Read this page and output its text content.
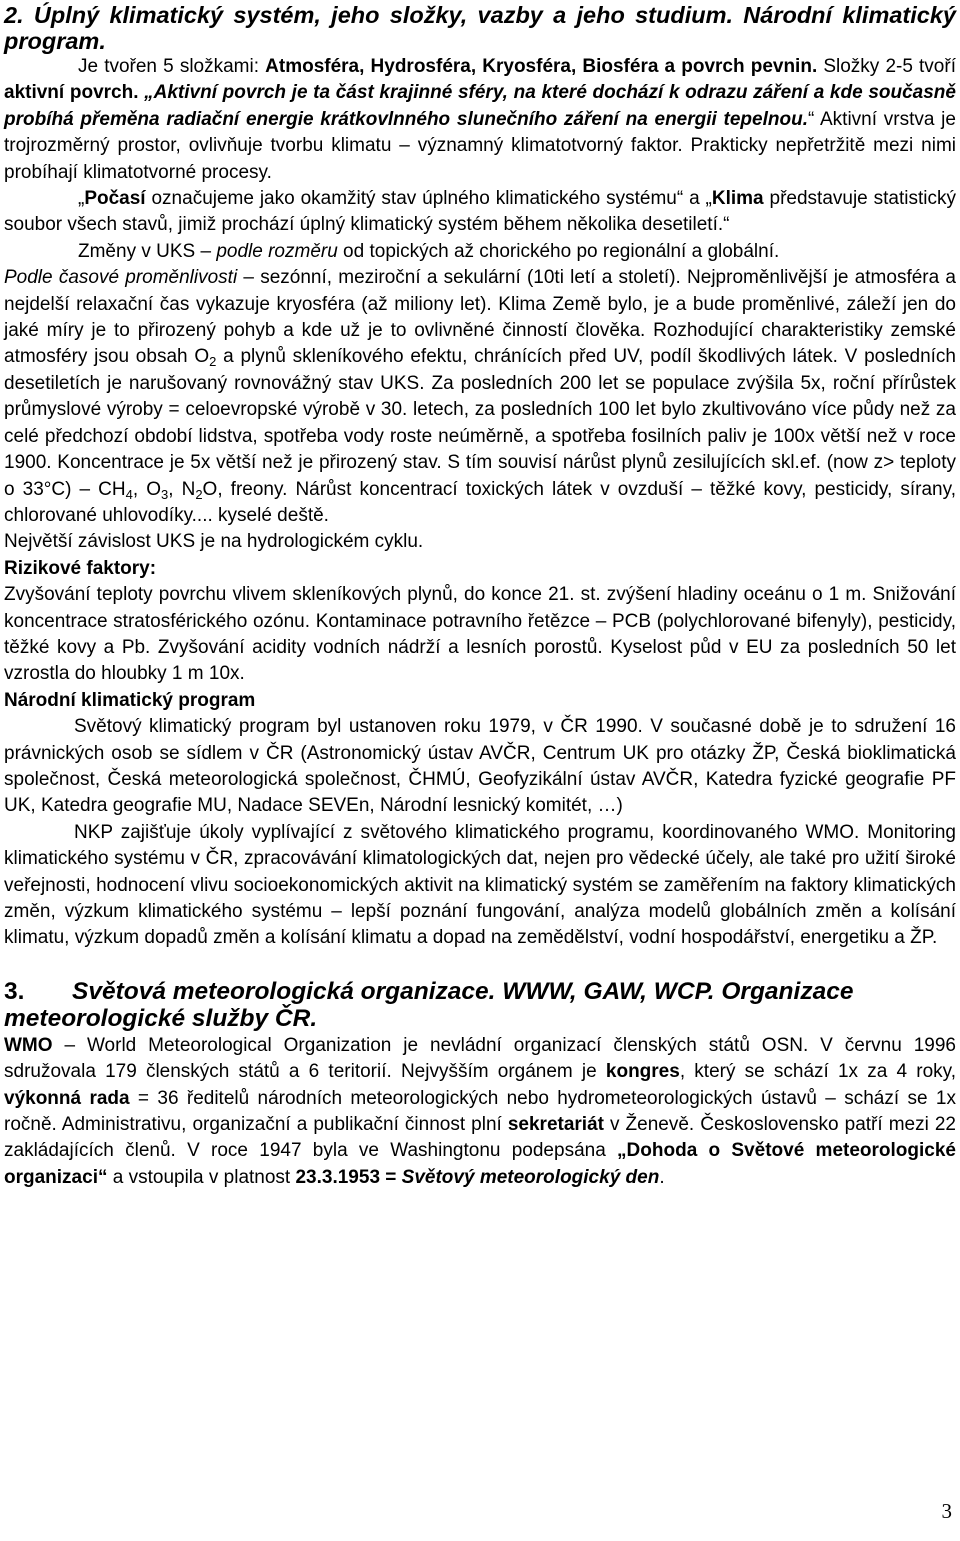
2. Úplný klimatický systém, jeho složky, vazby a jeho studium. Národní klimatický program.

Je tvořen 5 složkami: Atmosféra, Hydrosféra, Kryosféra, Biosféra a povrch pevnin. Složky 2-5 tvoří aktivní povrch. „Aktivní povrch je ta část krajinné sféry, na které dochází k odrazu záření a kde současně probíhá přeměna radiační energie krátkovlnného slunečního záření na energii tepelnou.“ Aktivní vrstva je trojrozměrný prostor, ovlivňuje tvorbu klimatu – významný klimatotvorný faktor. Prakticky nepřetržitě mezi nimi probíhají klimatotvorné procesy.

„Počasí označujeme jako okamžitý stav úplného klimatického systému“ a „Klima představuje statistický soubor všech stavů, jimiž prochází úplný klimatický systém během několika desetiletí.“

Změny v UKS – podle rozměru od topických až chorického po regionální a globální.

Podle časové proměnlivosti – sezónní, meziroční a sekulární (10ti letí a století). Nejproměnlivější je atmosféra a nejdelší relaxační čas vykazuje kryosféra (až miliony let). Klima Země bylo, je a bude proměnlivé, záleží jen do jaké míry je to přirozený pohyb a kde už je to ovlivněné činností člověka. Rozhodující charakteristiky zemské atmosféry jsou obsah $O_2$ a plynů skleníkového efektu, chránících před UV, podíl škodlivých látek. V posledních desetiletích je narušovaný rovnovážný stav UKS. Za posledních 200 let se populace zvýšila 5x, roční přírůstek průmyslové výroby = celoevropské výrobě v 30. letech, za posledních 100 let bylo zkultivováno více půdy než za celé předchozí období lidstva, spotřeba vody roste neúměrně, a spotřeba fosilních paliv je 100x větší než v roce 1900. Koncentrace je 5x větší než je přirozený stav. S tím souvisí nárůst plynů zesilujících skl.ef. (now z> teploty o $33^\circ C) - CH_4$, $O_3$, $N_2O$, freony. Nárůst koncentrací toxických látek v ovzduší – těžké kovy, pesticidy, sírany, chlorované uhlovodíky.... kyselé deště.

Největší závislost UKS je na hydrologickém cyklu.

Rizikové faktory:

Zvyšování teploty povrchu vlivem skleníkových plynů, do konce 21. st. zvýšení hladiny oceánu o 1 m. Snižování koncentrace stratosférického ozónu. Kontaminace potravního řetězce – PCB (polychlorované bifenyly), pesticidy, těžké kovy a Pb. Zvyšování acidity vodních nádrží a lesních porostů. Kyselost půd v EU za posledních 50 let vzrostla do hloubky 1 m 10x.

Národní klimatický program

Světový klimatický program byl ustanoven roku 1979, v ČR 1990. V současné době je to sdružení 16 právnických osob se sídlem v ČR (Astronomický ústav AVČR, Centrum UK pro otázky ŽP, Česká bioklimatická společnost, Česká meteorologická společnost, ČHMÚ, Geofyzikální ústav AVČR, Katedra fyzické geografie PF UK, Katedra geografie MU, Nadace SEVEn, Národní lesnický komitét, …)

NKP zajišťuje úkoly vyplívající z světového klimatického programu, koordinovaného WMO. Monitoring klimatického systému v ČR, zpracovávání klimatologických dat, nejen pro vědecké účely, ale také pro užití široké veřejnosti, hodnocení vlivu socioekonomických aktivit na klimatický systém se zaměřením na faktory klimatických změn, výzkum klimatického systému – lepší poznání fungování, analýza modelů globálních změn a kolísání klimatu, výzkum dopadů změn a kolísání klimatu a dopad na zemědělství, vodní hospodářství, energetiku a ŽP.

3. Světová meteorologická organizace. WWW, GAW, WCP. Organizace meteorologické služby ČR.

WMO – World Meteorological Organization je nevládní organizací členských států OSN. V červnu 1996 sdružovala 179 členských států a 6 teritorií. Nejvyšším orgánem je kongres, který se schází 1x za 4 roky, výkonná rada = 36 ředitelů národních meteorologických nebo hydrometeorologických ústavů – schází se 1x ročně. Administrativu, organizační a publikační činnost plní sekretariát v Ženevě. Československo patří mezi 22 zakládajících členů. V roce 1947 byla ve Washingtonu podepsána „Dohoda o Světové meteorologické organizaci“ a vstoupila v platnost 23.3.1953 = Světový meteorologický den.

3
